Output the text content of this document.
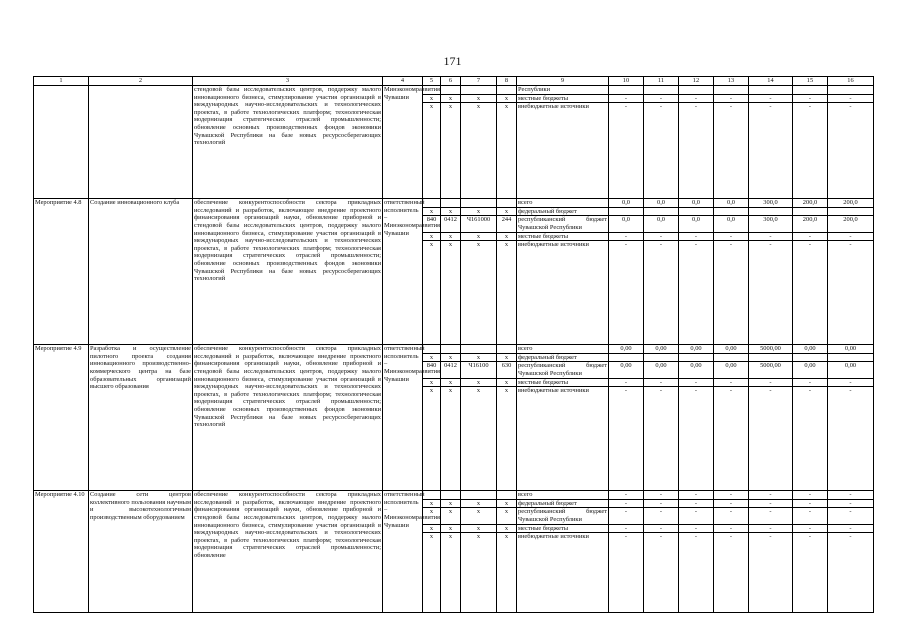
171
1	2	3	4	5	6	7	8	9	10	11	12	13	14	15	16
		стендовой базы исследовательских центров, поддержку малого инновационного бизнеса, стимулирование участия организаций в международных научно-исследовательских и технологических проектах, в работе технологических платформ; технологическая модернизация стратегических отраслей промышленности; обновление основных производственных фондов экономики Чувашской Республики на базе новых ресурсосберегающих технологий	Минэкономразвития Чувашии					Республики							
				x	x	x	x	местные бюджеты	-	-	-	-	-	-	-
				x	x	x	x	внебюджетные источники	-	-	-	-	-	-	-
Мероприятие 4.8	Создание инновационного клуба	обеспечение конкурентоспособности сектора прикладных исследований и разработок, включающее внедрение проектного финансирования организаций науки, обновление приборной и стендовой базы исследовательских центров, поддержку малого инновационного бизнеса, стимулирование участия организаций в международных научно-исследовательских и технологических проектах, в работе технологических платформ; технологическая модернизация стратегических отраслей промышленности; обновление основных производственных фондов экономики Чувашской Республики на базе новых ресурсосберегающих технологий	ответственный исполнитель – Минэкономразвития Чувашии					всего	0,0	0,0	0,0	0,0	300,0	200,0	200,0
				x	x	x	x	федеральный бюджет							
				840	0412	Ч161000	244	республиканский бюджет Чувашской Республики	0,0	0,0	0,0	0,0	300,0	200,0	200,0
				x	x	x	x	местные бюджеты	-	-	-	-	-	-	-
				x	x	x	x	внебюджетные источники	-	-	-	-	-	-	-
Мероприятие 4.9	Разработка и осуществление пилотного проекта создания инновационного производственно-коммерческого центра на базе образовательных организаций высшего образования	обеспечение конкурентоспособности сектора прикладных исследований и разработок, включающее внедрение проектного финансирования организаций науки, обновление приборной и стендовой базы исследовательских центров, поддержку малого инновационного бизнеса, стимулирование участия организаций в международных научно-исследовательских и технологических проектах, в работе технологических платформ; технологическая модернизация стратегических отраслей промышленности; обновление основных производственных фондов экономики Чувашской Республики на базе новых ресурсосберегающих технологий	ответственный исполнитель – Минэкономразвития Чувашии					всего	0,00	0,00	0,00	0,00	5000,00	0,00	0,00
				x	x	x	x	федеральный бюджет							
				840	0412	Ч16100	630	республиканский бюджет Чувашской Республики	0,00	0,00	0,00	0,00	5000,00	0,00	0,00
				x	x	x	x	местные бюджеты	-	-	-	-	-	-	-
				x	x	x	x	внебюджетные источники	-	-	-	-	-	-	-
Мероприятие 4.10	Создание сети центров коллективного пользования научным и высокотехнологичным производственным оборудованием	обеспечение конкурентоспособности сектора прикладных исследований и разработок, включающее внедрение проектного финансирования организаций науки, обновление приборной и стендовой базы исследовательских центров, поддержку малого инновационного бизнеса, стимулирование участия организаций в международных научно-исследовательских и технологических проектах, в работе технологических платформ; технологическая модернизация стратегических отраслей промышленности; обновление	ответственный исполнитель – Минэкономразвития Чувашии					всего	-	-	-	-	-	-	-
				x	x	x	x	федеральный бюджет	-	-	-	-	-	-	-
				x	x	x	x	республиканский бюджет Чувашской Республики	-	-	-	-	-	-	-
				x	x	x	x	местные бюджеты	-	-	-	-	-	-	-
				x	x	x	x	внебюджетные источники	-	-	-	-	-	-	-
